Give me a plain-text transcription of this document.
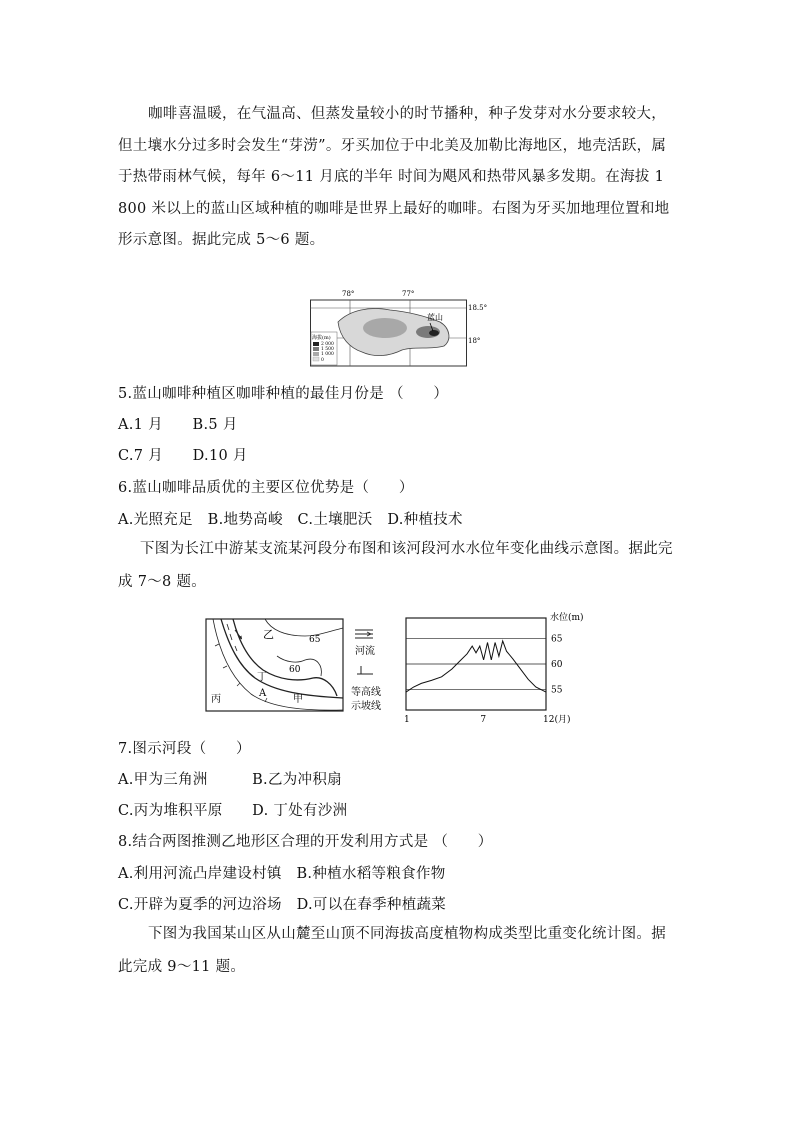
咖啡喜温暖，在气温高、但蒸发量较小的时节播种，种子发芽对水分要求较大，但土壤水分过多时会发生“芽涝”。牙买加位于中北美及加勒比海地区，地壳活跃，属于热带雨林气候，每年 6～11 月底的半年 时间为飓风和热带风暴多发期。在海拔 1 800 米以上的蓝山区域种植的咖啡是世界上最好的咖啡。右图为牙买加地理位置和地形示意图。据此完成 5～6 题。
78°	77°
18.5°
18°
蓝山
海拔(m)
2 000
1 500
1 000
0
5.蓝山咖啡种植区咖啡种植的最佳月份是 （　　）
A.1 月　　B.5 月
C.7 月　　D.10 月
6.蓝山咖啡品质优的主要区位优势是（　　）
A.光照充足　B.地势高峻　C.土壤肥沃　D.种植技术
下图为长江中游某支流某河段分布图和该河段河水水位年变化曲线示意图。据此完成 7～8 题。
乙	65
60
丁
A
甲
丙
河流
等高线
示坡线
水位(m)
65
60
55
1	7	12(月)
7.图示河段（　　）
A.甲为三角洲　　　B.乙为冲积扇
C.丙为堆积平原　　D. 丁处有沙洲
8.结合两图推测乙地形区合理的开发利用方式是 （　　）
A.利用河流凸岸建设村镇　B.种植水稻等粮食作物
C.开辟为夏季的河边浴场　D.可以在春季种植蔬菜
下图为我国某山区从山麓至山顶不同海拔高度植物构成类型比重变化统计图。据此完成 9～11 题。
